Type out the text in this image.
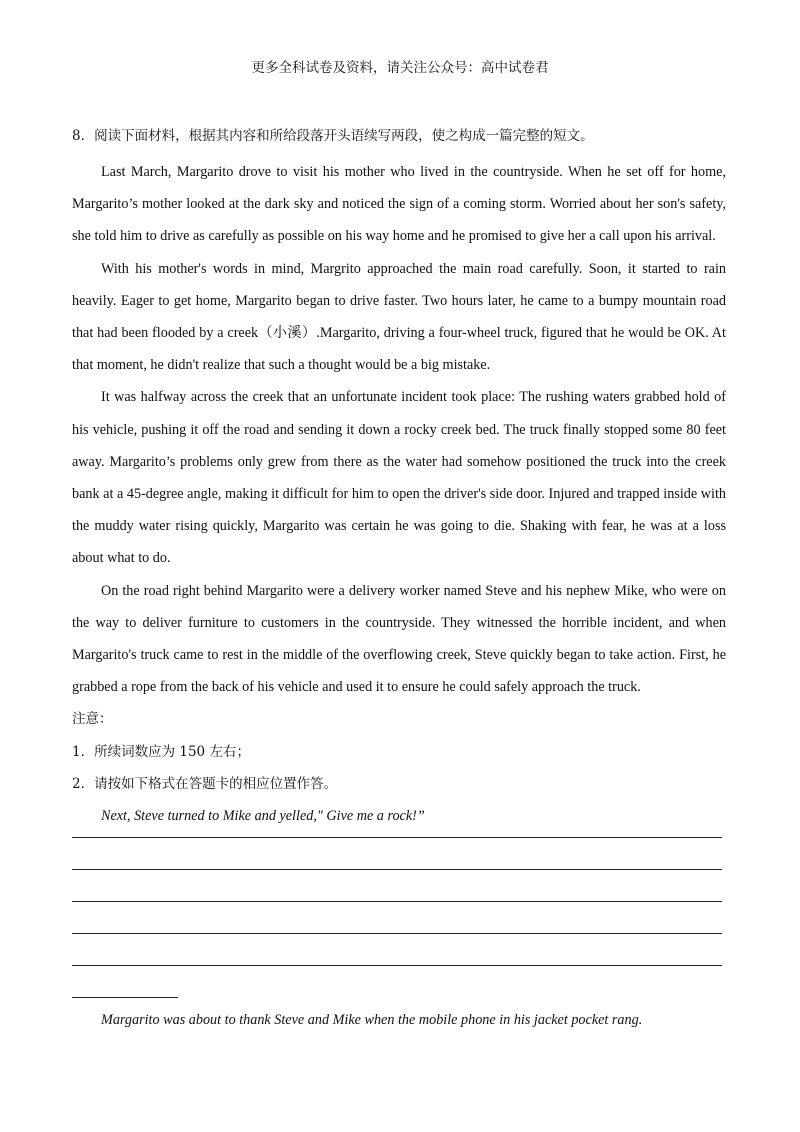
更多全科试卷及资料，请关注公众号：高中试卷君
8．阅读下面材料，根据其内容和所给段落开头语续写两段，使之构成一篇完整的短文。

Last March, Margarito drove to visit his mother who lived in the countryside. When he set off for home, Margarito’s mother looked at the dark sky and noticed the sign of a coming storm. Worried about her son's safety, she told him to drive as carefully as possible on his way home and he promised to give her a call upon his arrival.

With his mother's words in mind, Margrito approached the main road carefully. Soon, it started to rain heavily. Eager to get home, Margarito began to drive faster. Two hours later, he came to a bumpy mountain road that had been flooded by a creek（小溪）.Margarito, driving a four-wheel truck, figured that he would be OK. At that moment, he didn't realize that such a thought would be a big mistake.

It was halfway across the creek that an unfortunate incident took place: The rushing waters grabbed hold of his vehicle, pushing it off the road and sending it down a rocky creek bed. The truck finally stopped some 80 feet away. Margarito’s problems only grew from there as the water had somehow positioned the truck into the creek bank at a 45-degree angle, making it difficult for him to open the driver's side door. Injured and trapped inside with the muddy water rising quickly, Margarito was certain he was going to die. Shaking with fear, he was at a loss about what to do.

On the road right behind Margarito were a delivery worker named Steve and his nephew Mike, who were on the way to deliver furniture to customers in the countryside. They witnessed the horrible incident, and when Margarito's truck came to rest in the middle of the overflowing creek, Steve quickly began to take action. First, he grabbed a rope from the back of his vehicle and used it to ensure he could safely approach the truck.

注意：
1．所续词数应为 150 左右；
2．请按如下格式在答题卡的相应位置作答。
Next, Steve turned to Mike and yelled," Give me a rock!”
Margarito was about to thank Steve and Mike when the mobile phone in his jacket pocket rang.
